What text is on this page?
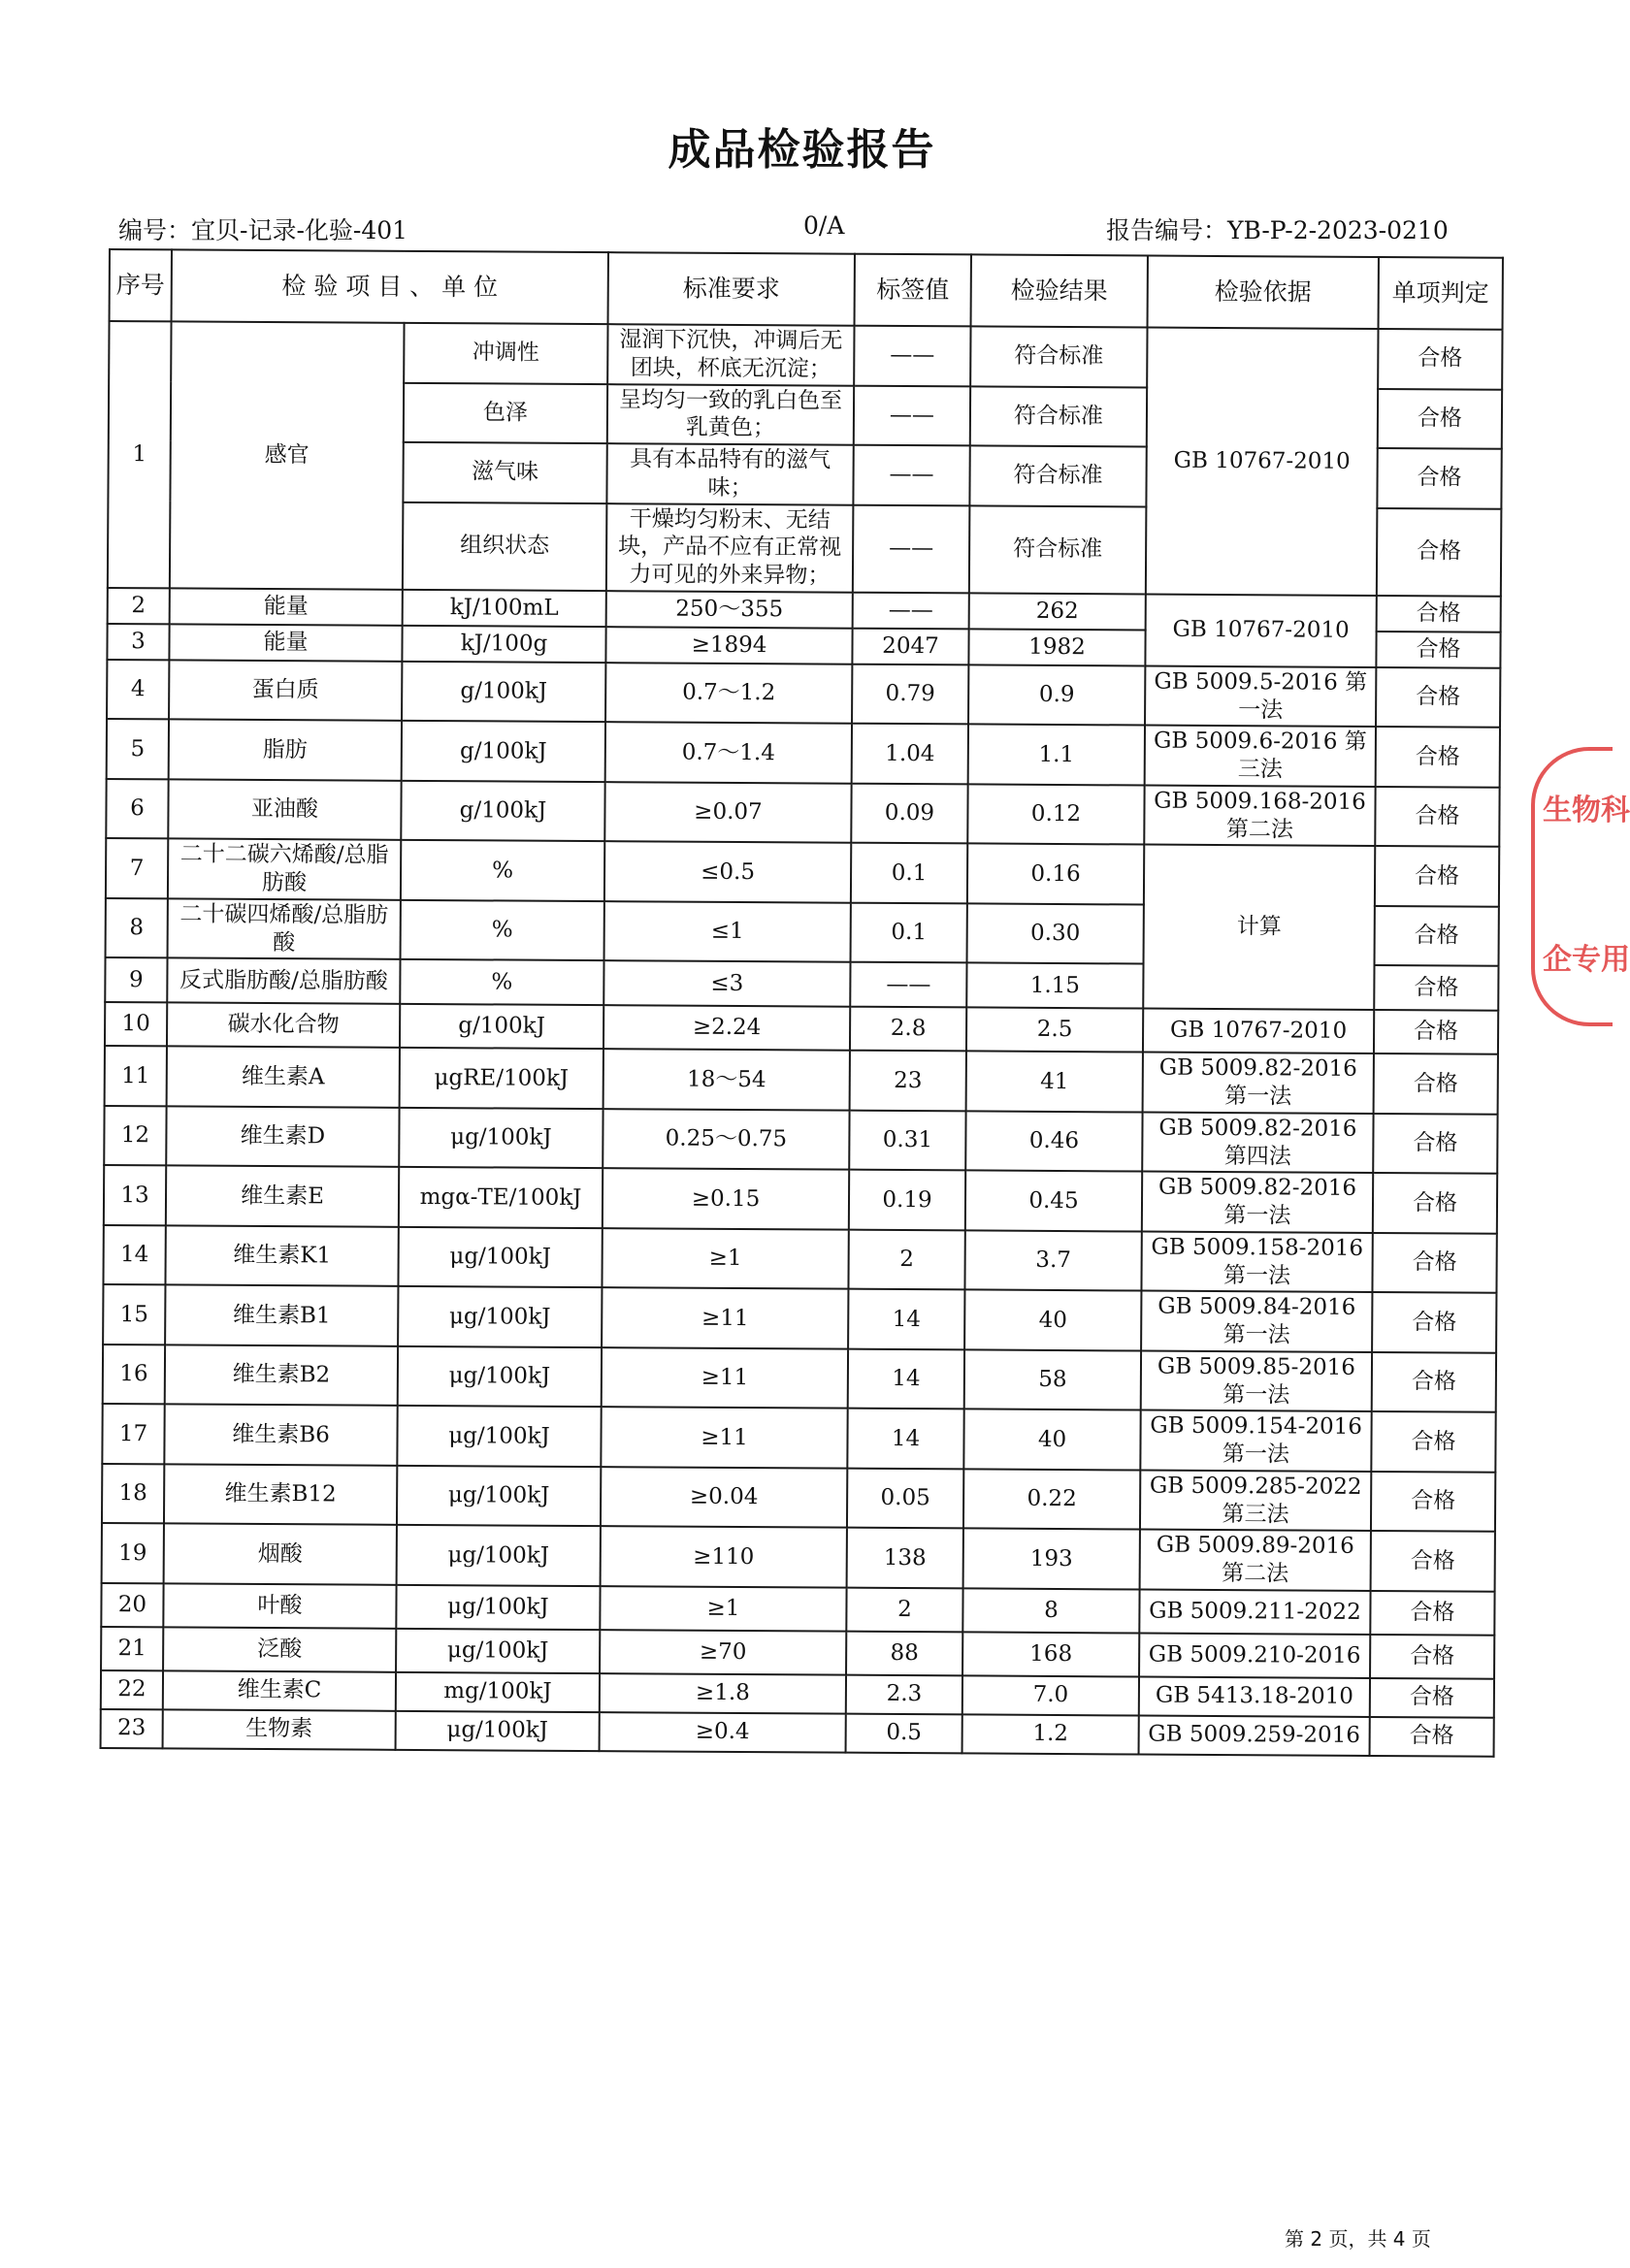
成品检验报告
编号：宜贝-记录-化验-401	0/A	报告编号：YB-P-2-2023-0210
序号	检 验 项 目 、 单 位		标准要求	标签值	检验结果	检验依据	单项判定
1	感官	冲调性	湿润下沉快，冲调后无团块，杯底无沉淀；	——	符合标准	GB 10767-2010	合格
		色泽	呈均匀一致的乳白色至乳黄色；	——	符合标准		合格
		滋气味	具有本品特有的滋气味；	——	符合标准		合格
		组织状态	干燥均匀粉末、无结块，产品不应有正常视力可见的外来异物；	——	符合标准		合格
2	能量	kJ/100mL	250～355	——	262	GB 10767-2010	合格
3	能量	kJ/100g	≥1894	2047	1982		合格
4	蛋白质	g/100kJ	0.7～1.2	0.79	0.9	GB 5009.5-2016 第一法	合格
5	脂肪	g/100kJ	0.7～1.4	1.04	1.1	GB 5009.6-2016 第三法	合格
6	亚油酸	g/100kJ	≥0.07	0.09	0.12	GB 5009.168-2016 第二法	合格
7	二十二碳六烯酸/总脂肪酸	%	≤0.5	0.1	0.16	计算	合格
8	二十碳四烯酸/总脂肪酸	%	≤1	0.1	0.30		合格
9	反式脂肪酸/总脂肪酸	%	≤3	——	1.15		合格
10	碳水化合物	g/100kJ	≥2.24	2.8	2.5	GB 10767-2010	合格
11	维生素A	μgRE/100kJ	18～54	23	41	GB 5009.82-2016 第一法	合格
12	维生素D	μg/100kJ	0.25～0.75	0.31	0.46	GB 5009.82-2016 第四法	合格
13	维生素E	mgα-TE/100kJ	≥0.15	0.19	0.45	GB 5009.82-2016 第一法	合格
14	维生素K1	μg/100kJ	≥1	2	3.7	GB 5009.158-2016 第一法	合格
15	维生素B1	μg/100kJ	≥11	14	40	GB 5009.84-2016 第一法	合格
16	维生素B2	μg/100kJ	≥11	14	58	GB 5009.85-2016 第一法	合格
17	维生素B6	μg/100kJ	≥11	14	40	GB 5009.154-2016 第一法	合格
18	维生素B12	μg/100kJ	≥0.04	0.05	0.22	GB 5009.285-2022 第三法	合格
19	烟酸	μg/100kJ	≥110	138	193	GB 5009.89-2016 第二法	合格
20	叶酸	μg/100kJ	≥1	2	8	GB 5009.211-2022	合格
21	泛酸	μg/100kJ	≥70	88	168	GB 5009.210-2016	合格
22	维生素C	mg/100kJ	≥1.8	2.3	7.0	GB 5413.18-2010	合格
23	生物素	μg/100kJ	≥0.4	0.5	1.2	GB 5009.259-2016	合格
生物科
企专用
第 2 页，共 4 页
